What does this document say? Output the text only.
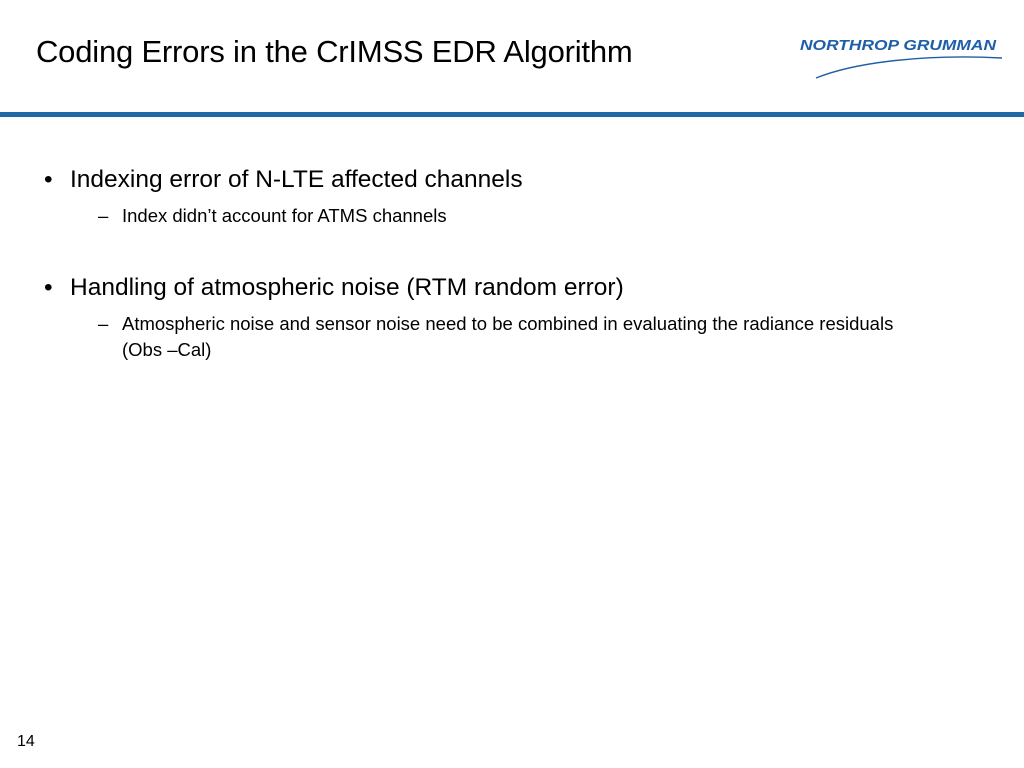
Coding Errors in the CrIMSS EDR Algorithm	NORTHROP GRUMMAN

• Indexing error of N-LTE affected channels

– Index didn’t account for ATMS channels

• Handling of atmospheric noise (RTM random error)

– Atmospheric noise and sensor noise need to be combined in evaluating the radiance residuals (Obs –Cal)

14
